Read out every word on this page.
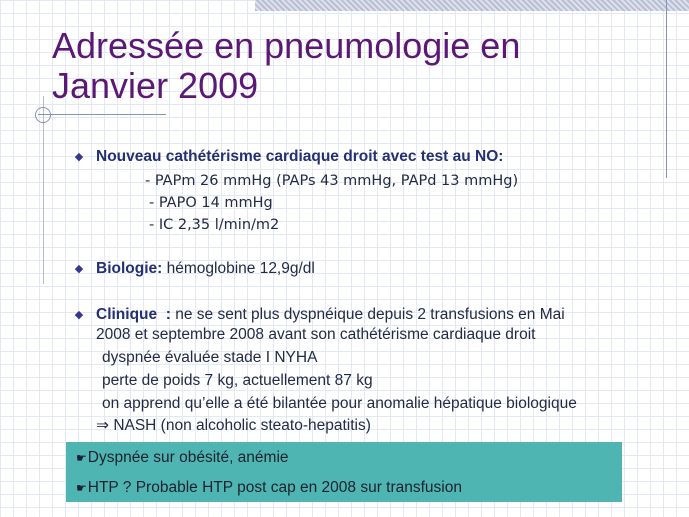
Adressée en pneumologie en
Janvier 2009
◆ Nouveau cathétérisme cardiaque droit avec test au NO:
- PAPm 26 mmHg (PAPs 43 mmHg, PAPd 13 mmHg)
- PAPO 14 mmHg
- IC 2,35 l/min/m2
◆ Biologie: hémoglobine 12,9g/dl
◆ Clinique  : ne se sent plus dyspnéique depuis 2 transfusions en Mai
2008 et septembre 2008 avant son cathétérisme cardiaque droit
dyspnée évaluée stade I NYHA
perte de poids 7 kg, actuellement 87 kg
on apprend qu’elle a été bilantée pour anomalie hépatique biologique
⇒ NASH (non alcoholic steato-hepatitis)
☛Dyspnée sur obésité, anémie
☛HTP ? Probable HTP post cap en 2008 sur transfusion
